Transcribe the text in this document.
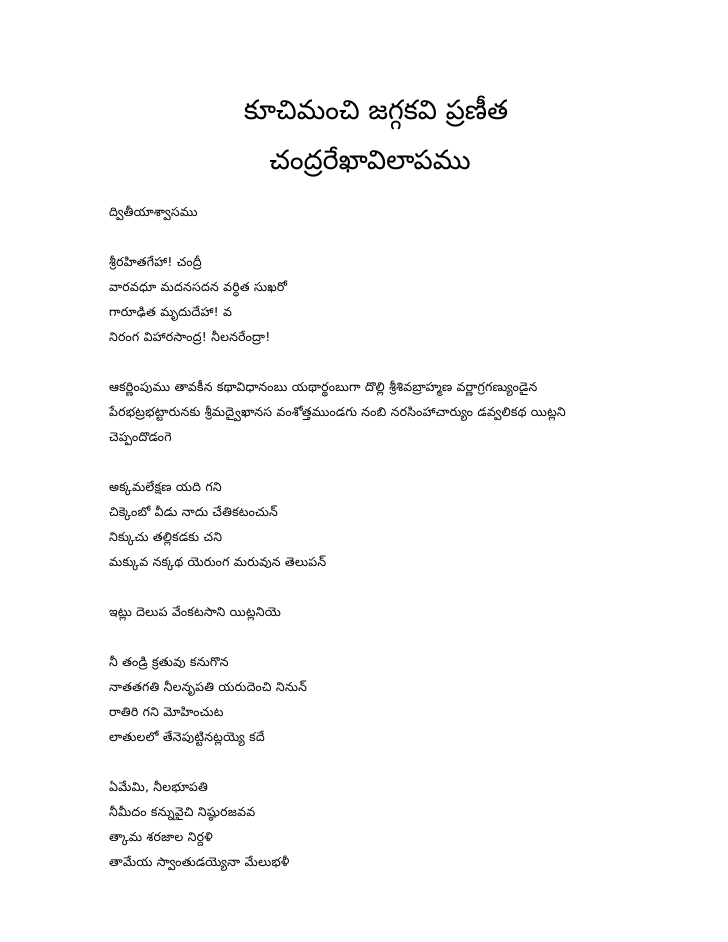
కూచిమంచి జగ్గకవి ప్రణీత
చంద్రరేఖావిలాపము
ద్వితీయాశ్వాసము
శ్రీరహితగేహా! చంద్రీ
వారవధూ మదనసదన వర్ధిత సుఖరో
గారూఢిత మృదుదేహా! వ
నిరంగ విహారసాంద్ర! నీలనరేంద్రా!
ఆకర్ణింపుము తావకీన కథావిధానంబు యథార్థంబుగా దొల్లి శ్రీశివబ్రాహ్మణ వర్ణాగ్రగణ్యుండైన
పేరభట్రభట్టారునకు శ్రీమద్వైఖానస వంశోత్తముండగు నంబి నరసింహాచార్యుం డవ్వలికథ యిట్లని
చెప్పందొడంగె
అక్కమలేక్షణ యది గని
చిక్కెంబో వీడు నాదు చేతికటంచున్
నిక్కుచు తల్లికడకు చని
మక్కువ నక్కథ యెరుంగ మరువున తెలుపన్
ఇట్లు దెలుప వేంకటసాని యిట్లనియె
నీ తండ్రి క్రతువు కనుగొన
నాతతగతి నీలనృపతి యరుదెంచి నినున్
రాతిరి గని మోహించుట
లాతులలో తేనెపుట్టినట్లయ్యె కదే
ఏమేమి, నీలభూపతి
నీమీదం కన్నువైచి నిష్ఠురజవవ
త్కామ శరజాల నిర్దళి
తామేయ స్వాంతుడయ్యెనా మేలుభళీ
